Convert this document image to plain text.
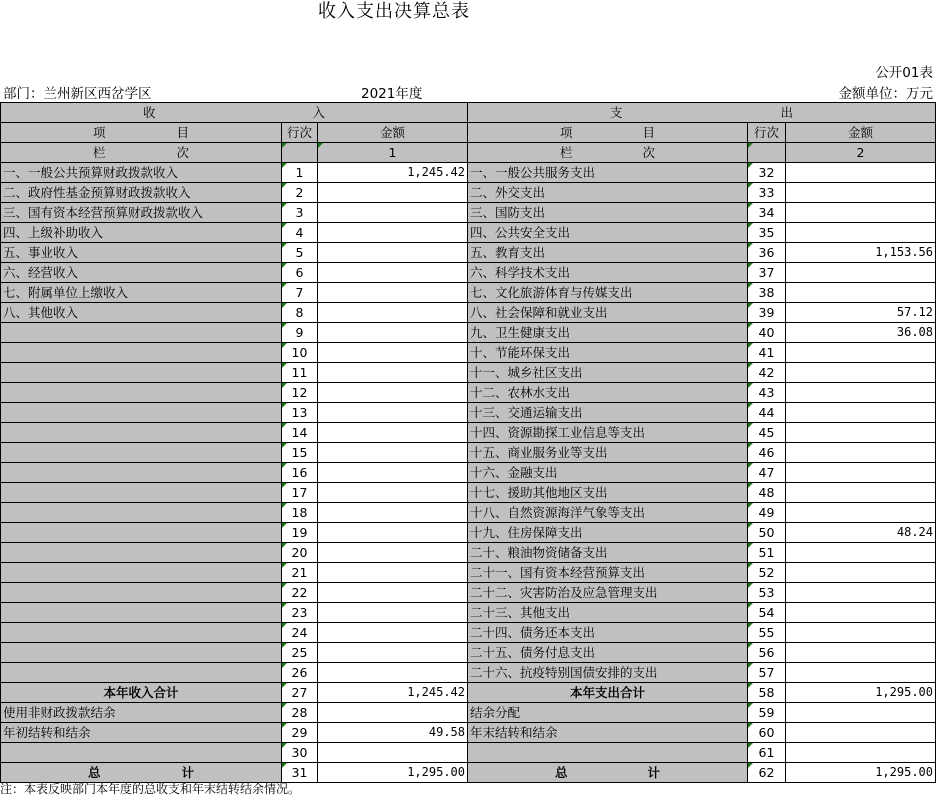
收入支出决算总表
公开01表
部门：兰州新区西岔学区	2021年度	金额单位：万元
收 入			支 出		

项 目	行次	金额	项 目	行次	金额

栏 次		1	栏 次		2
一、一般公共预算财政拨款收入	1	1,245.42	一、一般公共服务支出	32	
二、政府性基金预算财政拨款收入	2		二、外交支出	33	
三、国有资本经营预算财政拨款收入	3		三、国防支出	34	
四、上级补助收入	4		四、公共安全支出	35	
五、事业收入	5		五、教育支出	36	1,153.56
六、经营收入	6		六、科学技术支出	37	
七、附属单位上缴收入	7		七、文化旅游体育与传媒支出	38	
八、其他收入	8		八、社会保障和就业支出	39	57.12
	9		九、卫生健康支出	40	36.08
	10		十、节能环保支出	41	
	11		十一、城乡社区支出	42	
	12		十二、农林水支出	43	
	13		十三、交通运输支出	44	
	14		十四、资源勘探工业信息等支出	45	
	15		十五、商业服务业等支出	46	
	16		十六、金融支出	47	
	17		十七、援助其他地区支出	48	
	18		十八、自然资源海洋气象等支出	49	
	19		十九、住房保障支出	50	48.24
	20		二十、粮油物资储备支出	51	
	21		二十一、国有资本经营预算支出	52	
	22		二十二、灾害防治及应急管理支出	53	
	23		二十三、其他支出	54	
	24		二十四、债务还本支出	55	
	25		二十五、债务付息支出	56	
	26		二十六、抗疫特别国债安排的支出	57	
本年收入合计	27	1,245.42	本年支出合计	58	1,295.00
使用非财政拨款结余	28		结余分配	59	
年初结转和结余	29	49.58	年末结转和结余	60	
	30			61	

总 计	31	1,295.00	总 计	62	1,295.00
注：本表反映部门本年度的总收支和年末结转结余情况。
